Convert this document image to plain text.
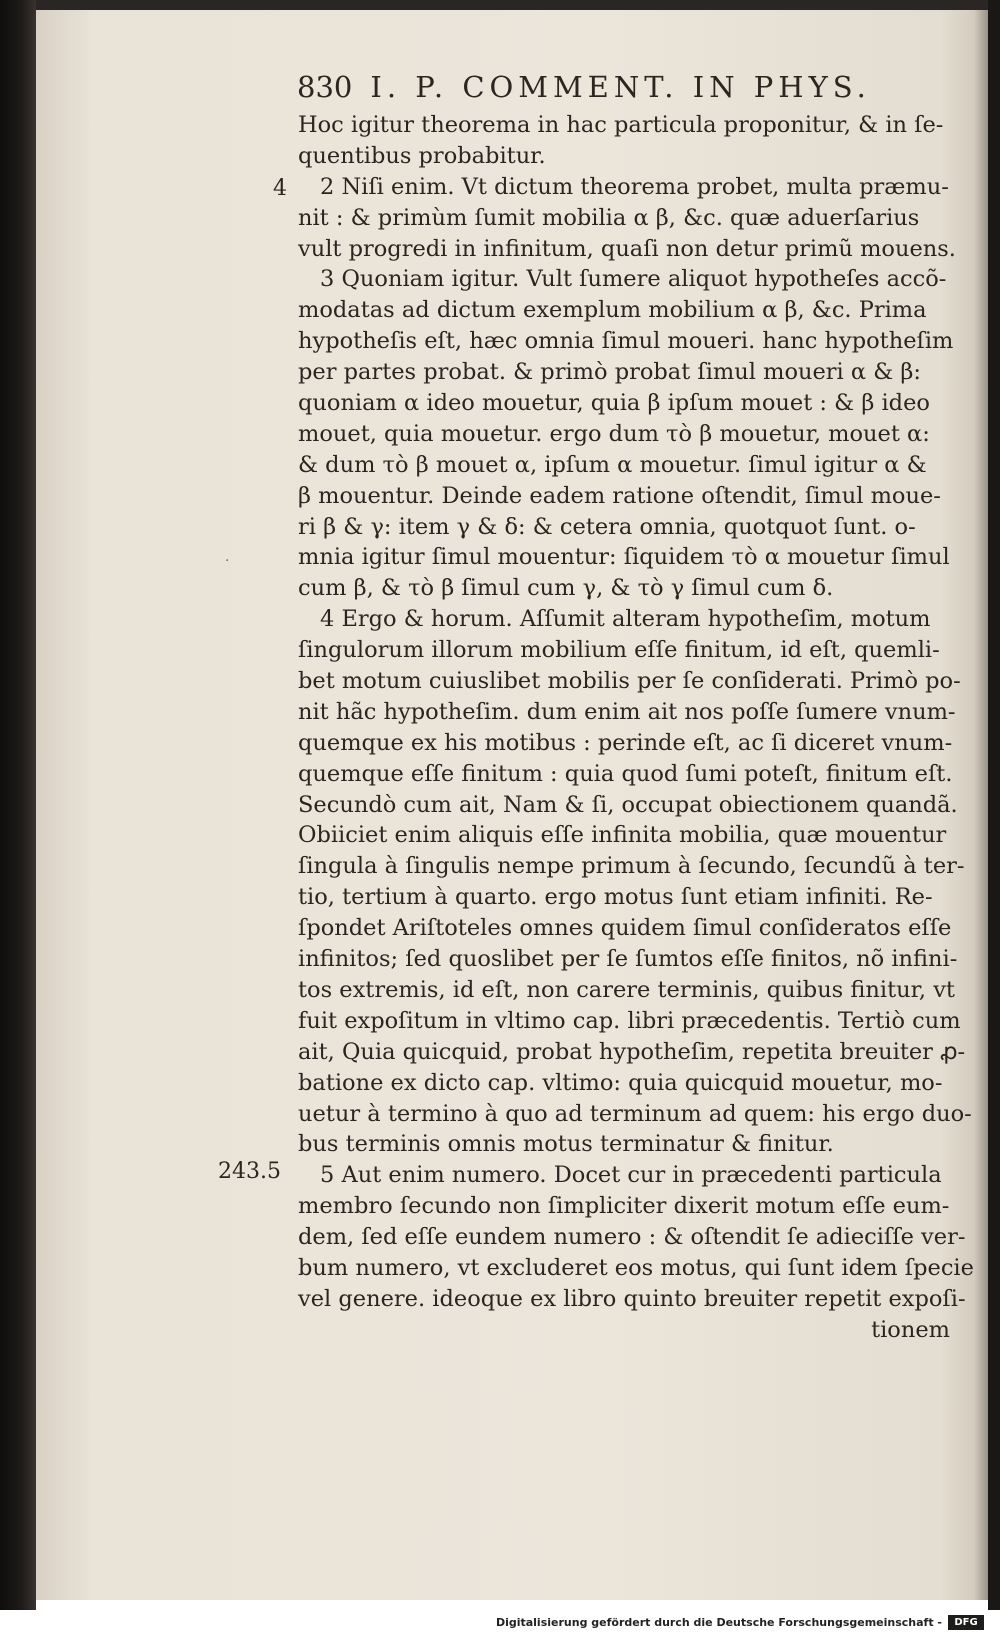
830 I. P. COMMENT. IN PHYS.
4
243.5
·
Hoc igitur theorema in hac particula proponitur, & in ſe-
quentibus probabitur.
2 Niſi enim. Vt dictum theorema probet, multa præmu-
nit : & primùm ſumit mobilia α β, &c. quæ aduerſarius
vult progredi in infinitum, quaſi non detur primũ mouens.
3 Quoniam igitur. Vult ſumere aliquot hypotheſes accõ-
modatas ad dictum exemplum mobilium α β, &c. Prima
hypotheſis eſt, hæc omnia ſimul moueri. hanc hypotheſim
per partes probat. & primò probat ſimul moueri α & β:
quoniam α ideo mouetur, quia β ipſum mouet : & β ideo
mouet, quia mouetur. ergo dum τὸ β mouetur, mouet α:
& dum τὸ β mouet α, ipſum α mouetur. ſimul igitur α &
β mouentur. Deinde eadem ratione oſtendit, ſimul moue-
ri β & γ: item γ & δ: & cetera omnia, quotquot ſunt. o-
mnia igitur ſimul mouentur: ſiquidem τὸ α mouetur ſimul
cum β, & τὸ β ſimul cum γ, & τὸ γ ſimul cum δ.
4 Ergo & horum. Aſſumit alteram hypotheſim, motum
ſingulorum illorum mobilium eſſe finitum, id eſt, quemli-
bet motum cuiuslibet mobilis per ſe conſiderati. Primò po-
nit hãc hypotheſim. dum enim ait nos poſſe ſumere vnum-
quemque ex his motibus : perinde eſt, ac ſi diceret vnum-
quemque eſſe finitum : quia quod ſumi poteſt, finitum eſt.
Secundò cum ait, Nam & ſi, occupat obiectionem quandã.
Obiiciet enim aliquis eſſe infinita mobilia, quæ mouentur
ſingula à ſingulis nempe primum à ſecundo, ſecundũ à ter-
tio, tertium à quarto. ergo motus ſunt etiam infiniti. Re-
ſpondet Ariſtoteles omnes quidem ſimul conſideratos eſſe
infinitos; ſed quoslibet per ſe ſumtos eſſe finitos, nõ infini-
tos extremis, id eſt, non carere terminis, quibus finitur, vt
fuit expoſitum in vltimo cap. libri præcedentis. Tertiò cum
ait, Quia quicquid, probat hypotheſim, repetita breuiter ꝓ-
batione ex dicto cap. vltimo: quia quicquid mouetur, mo-
uetur à termino à quo ad terminum ad quem: his ergo duo-
bus terminis omnis motus terminatur & finitur.
5 Aut enim numero. Docet cur in præcedenti particula
membro ſecundo non ſimpliciter dixerit motum eſſe eum-
dem, ſed eſſe eundem numero : & oſtendit ſe adieciſſe ver-
bum numero, vt excluderet eos motus, qui ſunt idem ſpecie
vel genere. ideoque ex libro quinto breuiter repetit expoſi-
tionem
Digitalisierung gefördert durch die Deutsche Forschungsgemeinschaft -	DFG
